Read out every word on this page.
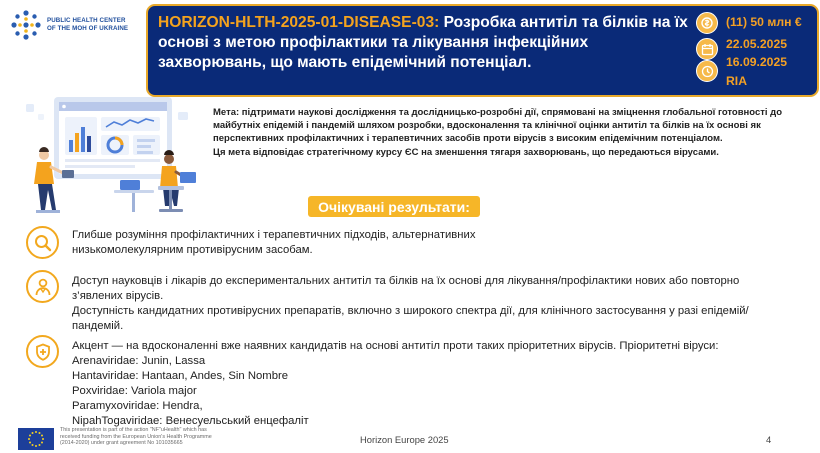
PUBLIC HEALTH CENTER
OF THE MOH OF UKRAINE HORIZON-HLTH-2025-01-DISEASE-03: Розробка антитіл та білків на їх основі з метою профілактики та лікування інфекційних захворювань, що мають епідемічний потенціал.
(11) 50 млн €
22.05.2025
16.09.2025
RIA

Мета: підтримати наукові дослідження та дослідницько-розробні дії, спрямовані на зміцнення глобальної готовності до майбутніх епідемій і пандемій шляхом розробки, вдосконалення та клінічної оцінки антитіл та білків на їх основі як перспективних профілактичних і терапевтичних засобів проти вірусів з високим епідемічним потенціалом.

Ця мета відповідає стратегічному курсу ЄС на зменшення тягаря захворювань, що передаються вірусами.

Очікувані результати:

Глибше розуміння профілактичних і терапевтичних підходів, альтернативних низькомолекулярним противірусним засобам.

Доступ науковців і лікарів до експериментальних антитіл та білків на їх основі для лікування/профілактики нових або повторно з’явлених вірусів.

Доступність кандидатних противірусних препаратів, включно з широкого спектра дії, для клінічного застосування у разі епідемій/пандемій.

Акцент — на вдосконаленні вже наявних кандидатів на основі антитіл проти таких пріоритетних вірусів. Пріоритетні віруси:

Arenaviridae: Junin, Lassa

Hantaviridae: Hantaan, Andes, Sin Nombre

Poxviridae: Variola major

Paramyxoviridae: Hendra,

NipahTogaviridae: Венесуельський енцефаліт

This presentation is part of the action "NF"uHealth" which has received funding from the European Union's Health Programme (2014-2020) under grant agreement No 101035665	Horizon Europe 2025	4
